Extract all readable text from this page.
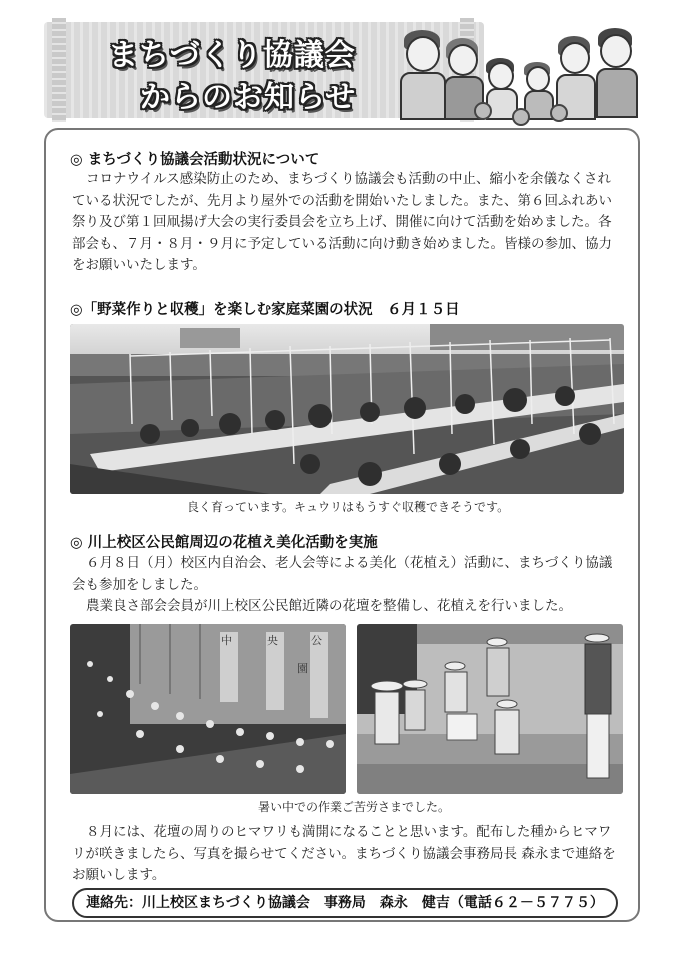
まちづくり協議会
からのお知らせ
◎ まちづくり協議会活動状況について
コロナウイルス感染防止のため、まちづくり協議会も活動の中止、縮小を余儀なくされている状況でしたが、先月より屋外での活動を開始いたしました。また、第６回ふれあい祭り及び第１回凧揚げ大会の実行委員会を立ち上げ、開催に向けて活動を始めました。各部会も、７月・８月・９月に予定している活動に向け動き始めました。皆様の参加、協力をお願いいたします。
◎「野菜作りと収穫」を楽しむ家庭菜園の状況　６月１５日
良く育っています。キュウリはもうすぐ収穫できそうです。
◎ 川上校区公民館周辺の花植え美化活動を実施
６月８日（月）校区内自治会、老人会等による美化（花植え）活動に、まちづくり協議会も参加をしました。
農業良さ部会会員が川上校区公民館近隣の花壇を整備し、花植えを行いました。
中	央	公
園
暑い中での作業ご苦労さまでした。
８月には、花壇の周りのヒマワリも満開になることと思います。配布した種からヒマワリが咲きましたら、写真を撮らせてください。まちづくり協議会事務局長 森永まで連絡をお願いします。
連絡先：川上校区まちづくり協議会　事務局　森永　健吉（電話６２－５７７５）
